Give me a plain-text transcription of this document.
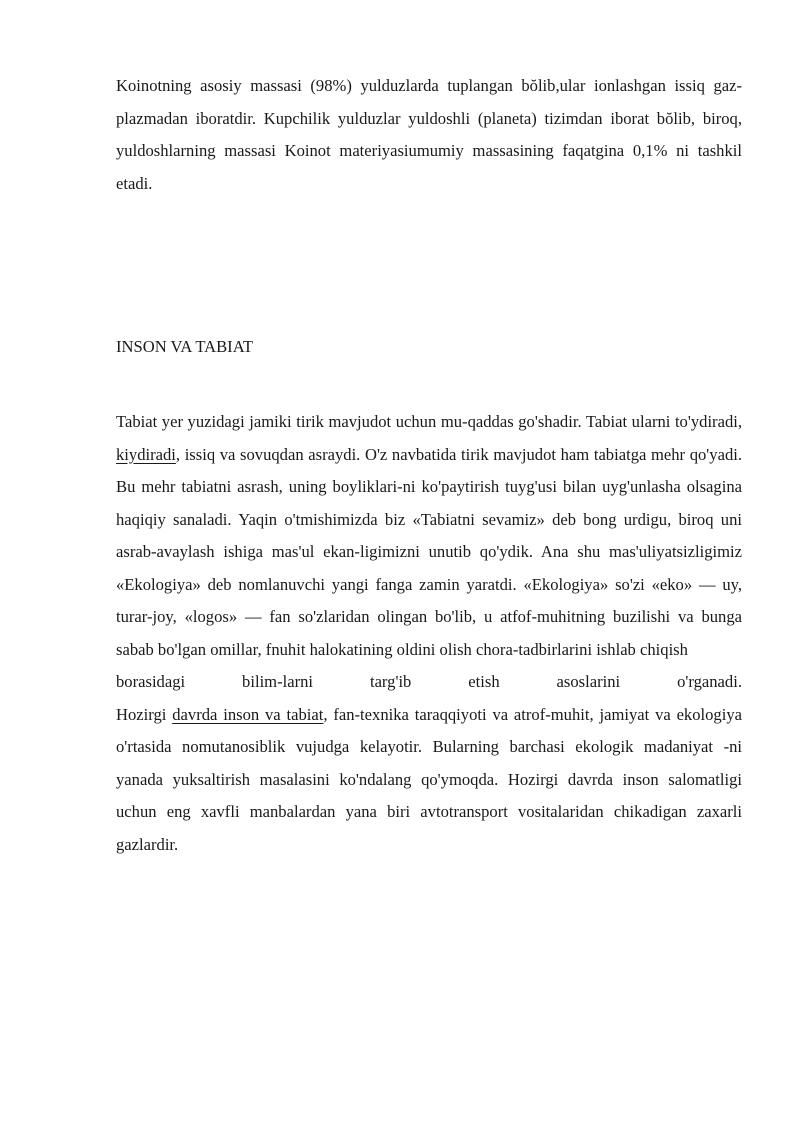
Koinotning asosiy massasi (98%) yulduzlarda tuplangan bŏlib,ular ionlashgan issiq gaz-plazmadan iboratdir. Kupchilik yulduzlar yuldoshli (planeta) tizimdan iborat bŏlib, biroq, yuldoshlarning massasi Koinot materiyasiumumiy massasining faqatgina 0,1% ni tashkil etadi.

INSON VA TABIAT
Tabiat yer yuzidagi jamiki tirik mavjudot uchun mu-qaddas go'shadir. Tabiat ularni to'ydiradi, kiydiradi, issiq va sovuqdan asraydi. O'z navbatida tirik mavjudot ham tabiatga mehr qo'yadi. Bu mehr tabiatni asrash, uning boyliklari-ni ko'paytirish tuyg'usi bilan uyg'unlasha olsagina haqiqiy sanaladi. Yaqin o'tmishimizda biz «Tabiatni sevamiz» deb bong urdigu, biroq uni asrab-avaylash ishiga mas'ul ekan-ligimizni unutib qo'ydik. Ana shu mas'uliyatsizligimiz «Ekologiya» deb nomlanuvchi yangi fanga zamin yaratdi. «Ekologiya» so'zi «eko» — uy, turar-joy, «logos» — fan so'zlaridan olingan bo'lib, u atfof-muhitning buzilishi va bunga sabab bo'lgan omillar, fnuhit halokatining oldini olish chora-tadbirlarini ishlab chiqish
borasidagi	bilim-larni	targ'ib	etish	asoslarini	o'rganadi.
Hozirgi davrda inson va tabiat, fan-texnika taraqqiyoti va atrof-muhit, jamiyat va ekologiya o'rtasida nomutanosiblik vujudga kelayotir. Bularning barchasi ekologik madaniyat -ni yanada yuksaltirish masalasini ko'ndalang qo'ymoqda. Hozirgi davrda inson salomatligi uchun eng xavfli manbalardan yana biri avtotransport vositalaridan chikadigan zaxarli gazlardir.
